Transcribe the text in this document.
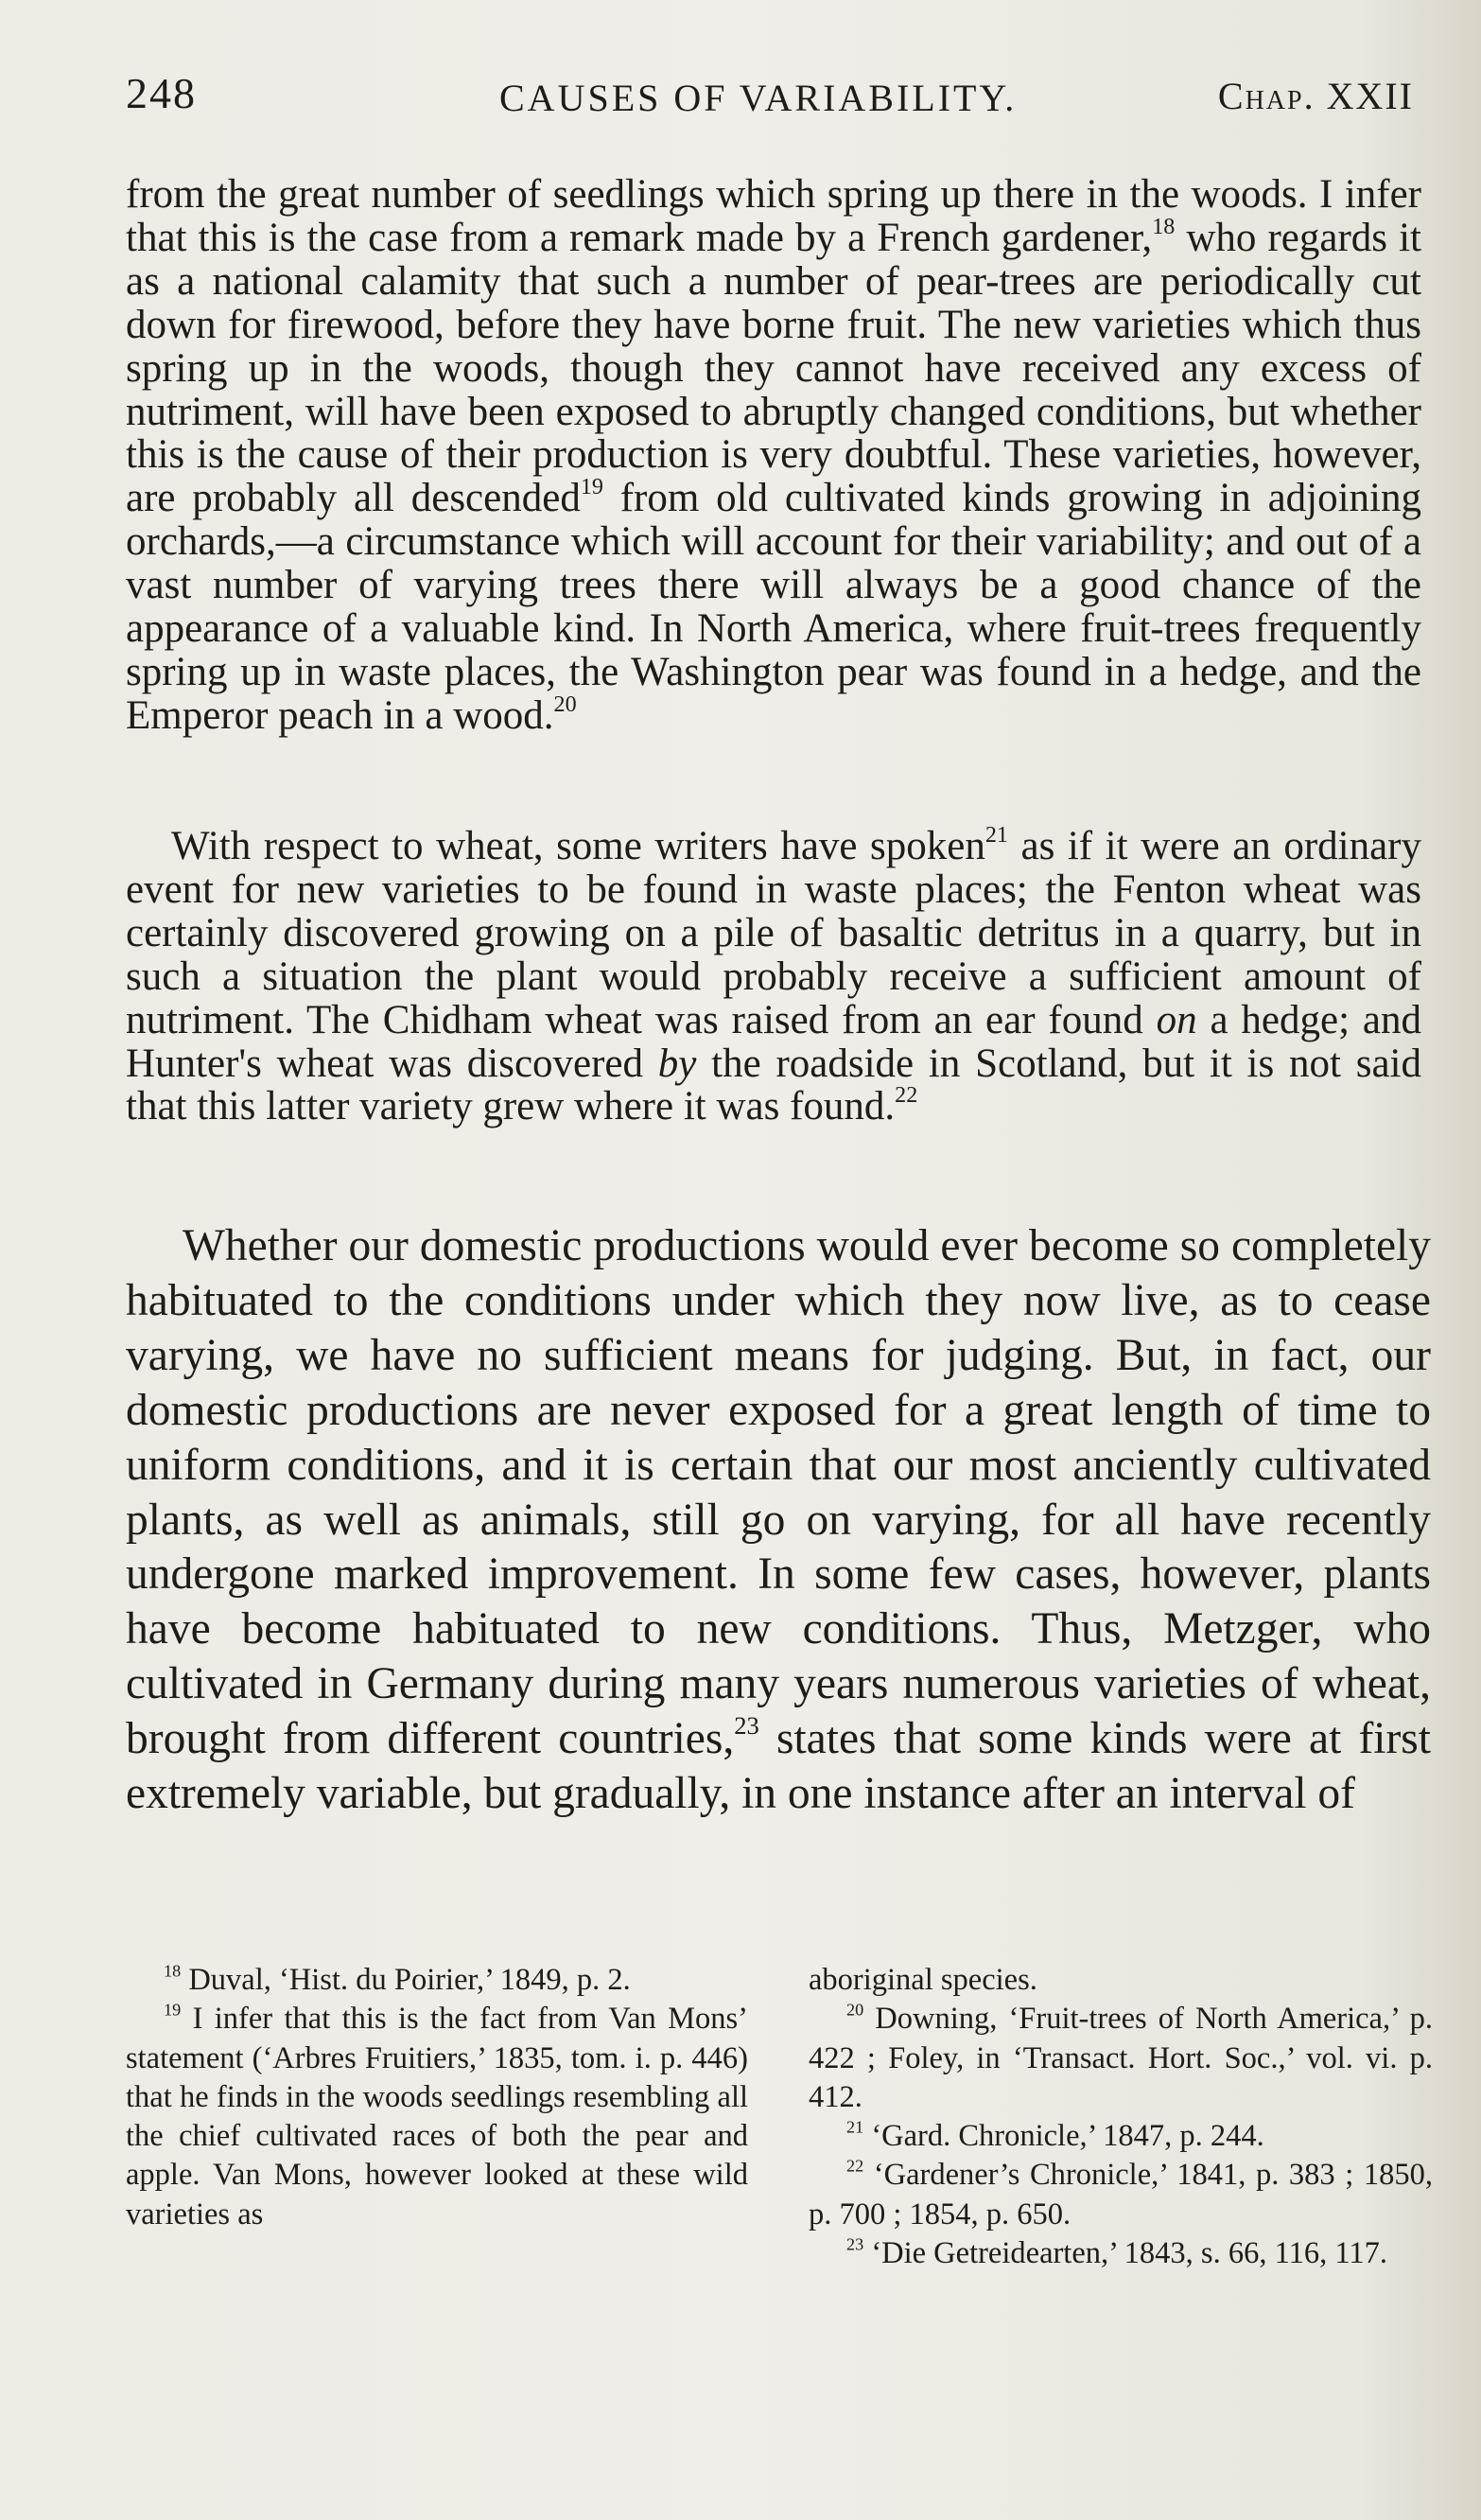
248	CAUSES OF VARIABILITY.	Chap. XXII

from the great number of seedlings which spring up there in the woods. I infer that this is the case from a remark made by a French gardener,$^{18}$ who regards it as a national calamity that such a number of pear-trees are periodically cut down for firewood, before they have borne fruit. The new varieties which thus spring up in the woods, though they cannot have received any excess of nutriment, will have been exposed to abruptly changed conditions, but whether this is the cause of their production is very doubtful. These varieties, however, are probably all descended$^{19}$ from old cultivated kinds growing in adjoining orchards,—a circumstance which will account for their variability; and out of a vast number of varying trees there will always be a good chance of the appearance of a valuable kind. In North America, where fruit-trees frequently spring up in waste places, the Washington pear was found in a hedge, and the Emperor peach in a wood.$^{20}$

With respect to wheat, some writers have spoken$^{21}$ as if it were an ordinary event for new varieties to be found in waste places; the Fenton wheat was certainly discovered growing on a pile of basaltic detritus in a quarry, but in such a situation the plant would probably receive a sufficient amount of nutriment. The Chidham wheat was raised from an ear found on a hedge; and Hunter's wheat was discovered by the roadside in Scotland, but it is not said that this latter variety grew where it was found.$^{22}$

Whether our domestic productions would ever become so completely habituated to the conditions under which they now live, as to cease varying, we have no sufficient means for judging. But, in fact, our domestic productions are never exposed for a great length of time to uniform conditions, and it is certain that our most anciently cultivated plants, as well as animals, still go on varying, for all have recently undergone marked improvement. In some few cases, however, plants have become habituated to new conditions. Thus, Metzger, who cultivated in Germany during many years numerous varieties of wheat, brought from different countries,$^{23}$ states that some kinds were at first extremely variable, but gradually, in one instance after an interval of

$^{18}$ Duval, ‘Hist. du Poirier,’ 1849, p. 2.

$^{19}$ I infer that this is the fact from Van Mons’ statement (‘Arbres Fruitiers,’ 1835, tom. i. p. 446) that he finds in the woods seedlings resembling all the chief cultivated races of both the pear and apple. Van Mons, however looked at these wild varieties as

aboriginal species.

$^{20}$ Downing, ‘Fruit-trees of North America,’ p. 422 ; Foley, in ‘Transact. Hort. Soc.,’ vol. vi. p. 412.

$^{21}$ ‘Gard. Chronicle,’ 1847, p. 244.

$^{22}$ ‘Gardener’s Chronicle,’ 1841, p. 383 ; 1850, p. 700 ; 1854, p. 650.

$^{23}$ ‘Die Getreidearten,’ 1843, s. 66, 116, 117.
